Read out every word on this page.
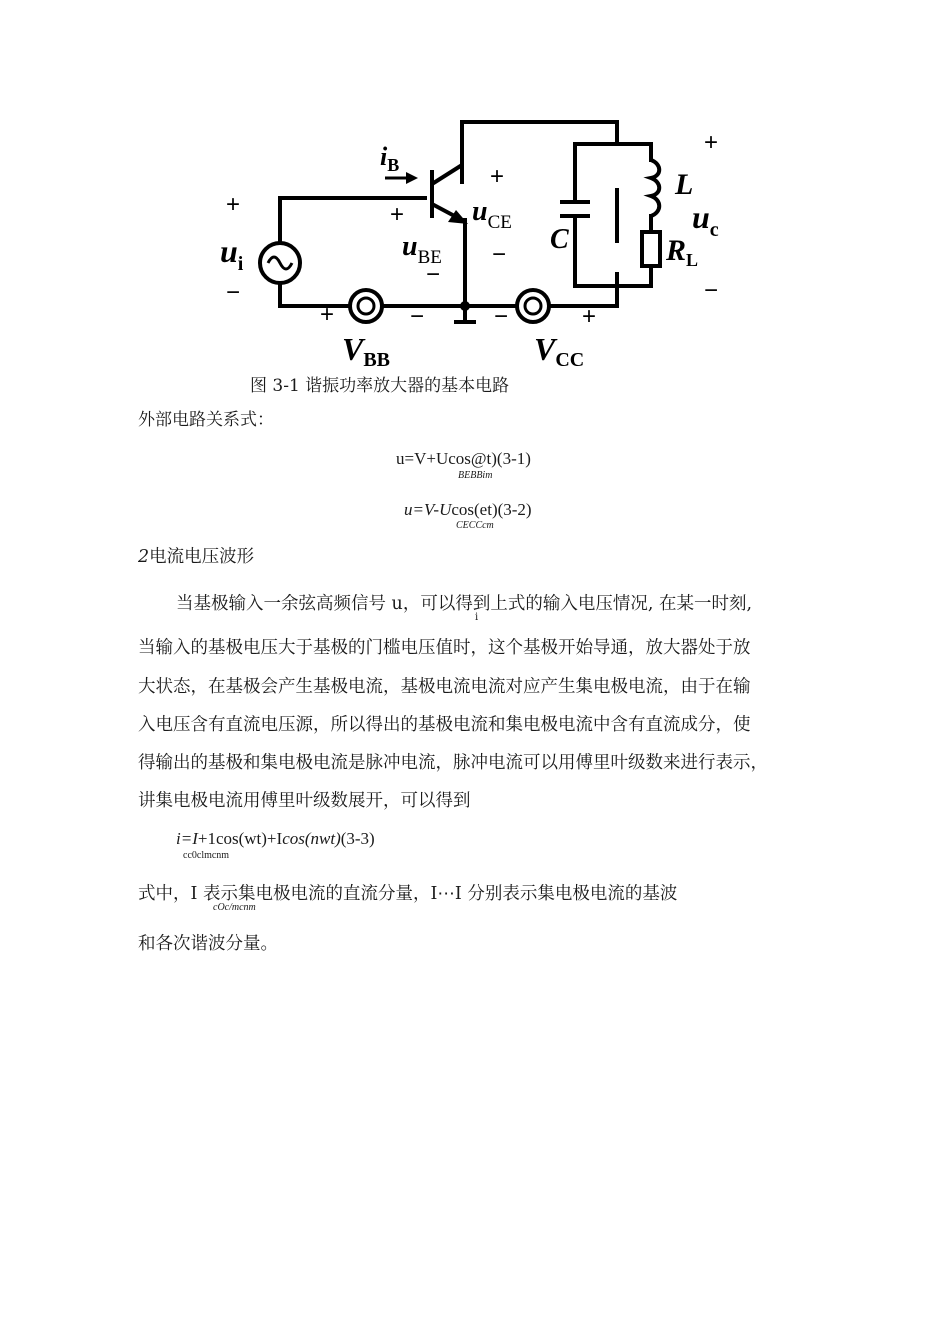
$i_B$
$u_i$
$u_{BE}$
$u_{CE}$
VBB	VCC
C
L
$R_L$
$u_c$
+
−
+
−
+
−
+	−	−	+
+
−
图 3-1 谐振功率放大器的基本电路
外部电路关系式：
u=V+Ucos@t)(3-1)
BEBBim
u=V-Ucos(et)(3-2)
CECCcm
2电流电压波形
当基极输入一余弦高频信号 u，可以得到上式的输入电压情况, 在某一时刻,
i
当输入的基极电压大于基极的门槛电压值时，这个基极开始导通，放大器处于放
大状态，在基极会产生基极电流，基极电流电流对应产生集电极电流，由于在输
入电压含有直流电压源，所以得出的基极电流和集电极电流中含有直流成分，使
得输出的基极和集电极电流是脉冲电流，脉冲电流可以用傅里叶级数来进行表示，
讲集电极电流用傅里叶级数展开，可以得到
i=I+1cos(wt)+Icos(nwt)(3-3)
cc0clmcnm
式中，I 表示集电极电流的直流分量，I⋯I 分别表示集电极电流的基波
cOc/mcnm
和各次谐波分量。
